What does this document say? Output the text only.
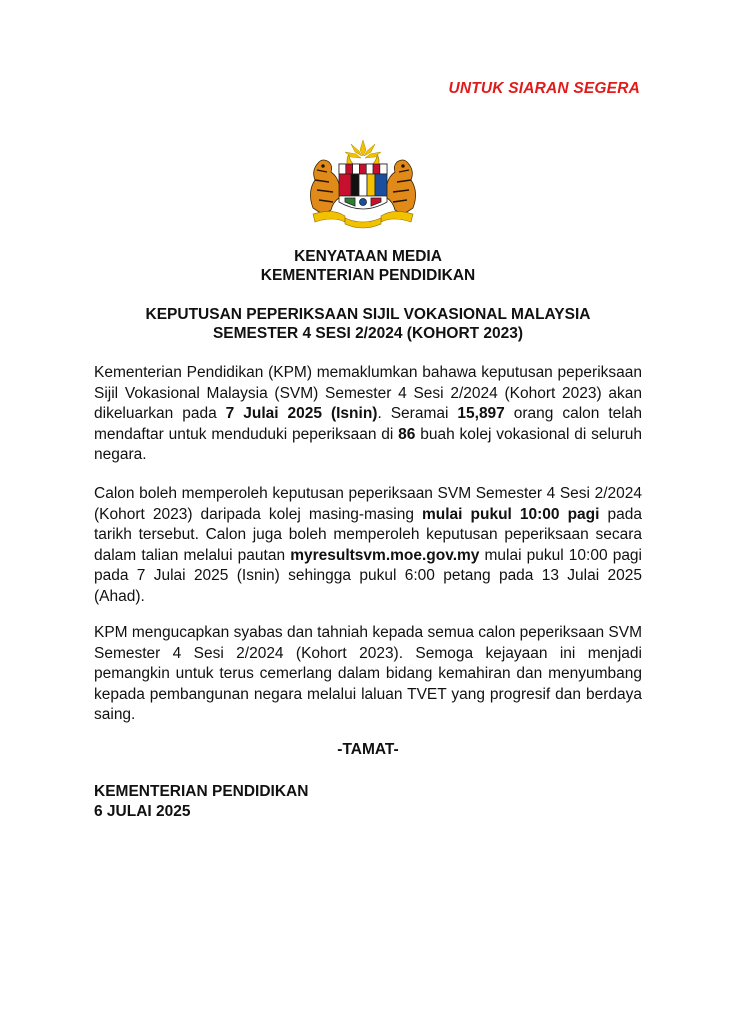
UNTUK SIARAN SEGERA
KENYATAAN MEDIA
KEMENTERIAN PENDIDIKAN
KEPUTUSAN PEPERIKSAAN SIJIL VOKASIONAL MALAYSIA
SEMESTER 4 SESI 2/2024 (KOHORT 2023)
Kementerian Pendidikan (KPM) memaklumkan bahawa keputusan peperiksaan Sijil Vokasional Malaysia (SVM) Semester 4 Sesi 2/2024 (Kohort 2023) akan dikeluarkan pada 7 Julai 2025 (Isnin). Seramai 15,897 orang calon telah mendaftar untuk menduduki peperiksaan di 86 buah kolej vokasional di seluruh negara.
Calon boleh memperoleh keputusan peperiksaan SVM Semester 4 Sesi 2/2024 (Kohort 2023) daripada kolej masing-masing mulai pukul 10:00 pagi pada tarikh tersebut. Calon juga boleh memperoleh keputusan peperiksaan secara dalam talian melalui pautan myresultsvm.moe.gov.my mulai pukul 10:00 pagi pada 7 Julai 2025 (Isnin) sehingga pukul 6:00 petang pada 13 Julai 2025 (Ahad).
KPM mengucapkan syabas dan tahniah kepada semua calon peperiksaan SVM Semester 4 Sesi 2/2024 (Kohort 2023). Semoga kejayaan ini menjadi pemangkin untuk terus cemerlang dalam bidang kemahiran dan menyumbang kepada pembangunan negara melalui laluan TVET yang progresif dan berdaya saing.
-TAMAT-
KEMENTERIAN PENDIDIKAN
6 JULAI 2025
